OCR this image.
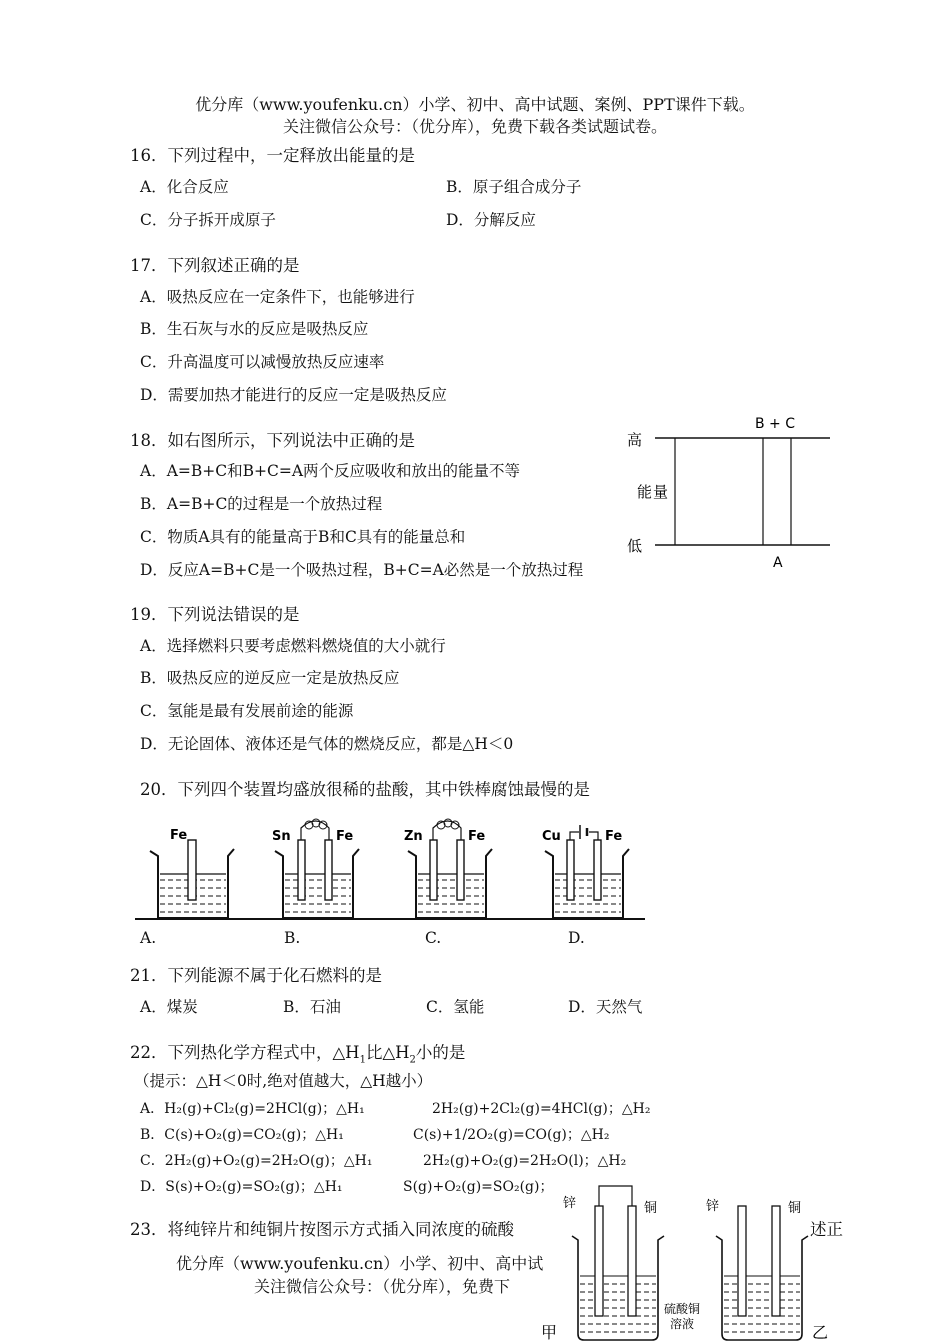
优分库（www.youfenku.cn）小学、初中、高中试题、案例、PPT课件下载。
关注微信公众号：（优分库），免费下载各类试题试卷。
16．下列过程中，一定释放出能量的是
A．化合反应	B．原子组合成分子
C．分子拆开成原子	D．分解反应
17．下列叙述正确的是
A．吸热反应在一定条件下，也能够进行
B．生石灰与水的反应是吸热反应
C．升高温度可以减慢放热反应速率
D．需要加热才能进行的反应一定是吸热反应
18．如右图所示，下列说法中正确的是
A．A=B+C和B+C=A两个反应吸收和放出的能量不等
B．A=B+C的过程是一个放热过程
C．物质A具有的能量高于B和C具有的能量总和
D．反应A=B+C是一个吸热过程，B+C=A必然是一个放热过程
高
能 量
低
B + C
A
19．下列说法错误的是
A．选择燃料只要考虑燃料燃烧值的大小就行
B．吸热反应的逆反应一定是放热反应
C．氢能是最有发展前途的能源
D．无论固体、液体还是气体的燃烧反应，都是△H＜0
20．下列四个装置均盛放很稀的盐酸，其中铁棒腐蚀最慢的是
Fe	Sn	Fe	Zn	Fe	Cu	Fe
A.	B.	C.	D.
21．下列能源不属于化石燃料的是
A．煤炭	B．石油	C．氢能	D．天然气
22．下列热化学方程式中，$\triangle H_1$比$\triangle H_2$小的是
（提示：△H＜0时,绝对值越大，△H越小）
A．H₂(g)+Cl₂(g)=2HCl(g)；△H₁	2H₂(g)+2Cl₂(g)=4HCl(g)；△H₂
B．C(s)+O₂(g)=CO₂(g)；△H₁	C(s)+1/2O₂(g)=CO(g)；△H₂
C．2H₂(g)+O₂(g)=2H₂O(g)；△H₁	2H₂(g)+O₂(g)=2H₂O(l)；△H₂
D．S(s)+O₂(g)=SO₂(g)；△H₁	S(g)+O₂(g)=SO₂(g)；
23．将纯锌片和纯铜片按图示方式插入同浓度的硫酸	述正
优分库（www.youfenku.cn）小学、初中、高中试
关注微信公众号：（优分库），免费下
锌	铜
甲
硫酸铜
溶液
锌	铜
乙
